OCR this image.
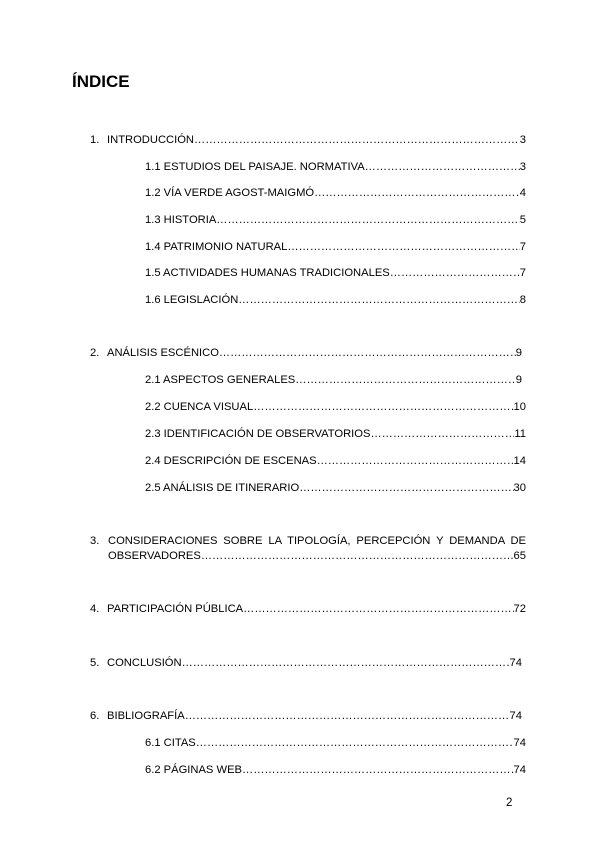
ÍNDICE
1. INTRODUCCIÓN …………………………………………………………………………………………………………………………………………………………………………………………………	3
1.1 ESTUDIOS DEL PAISAJE. NORMATIVA …………………………………………………………………………………………………………………………………………………………………………………………………	3
1.2 VÍA VERDE AGOST-MAIGMÓ …………………………………………………………………………………………………………………………………………………………………………………………………	4
1.3 HISTORIA …………………………………………………………………………………………………………………………………………………………………………………………………	5
1.4 PATRIMONIO NATURAL …………………………………………………………………………………………………………………………………………………………………………………………………	7
1.5 ACTIVIDADES HUMANAS TRADICIONALES …………………………………………………………………………………………………………………………………………………………………………………………………	7
1.6 LEGISLACIÓN …………………………………………………………………………………………………………………………………………………………………………………………………	8
2. ANÁLISIS ESCÉNICO …………………………………………………………………………………………………………………………………………………………………………………………………	9
2.1 ASPECTOS GENERALES …………………………………………………………………………………………………………………………………………………………………………………………………	9
2.2 CUENCA VISUAL …………………………………………………………………………………………………………………………………………………………………………………………………	10
2.3 IDENTIFICACIÓN DE OBSERVATORIOS …………………………………………………………………………………………………………………………………………………………………………………………………	11
2.4 DESCRIPCIÓN DE ESCENAS …………………………………………………………………………………………………………………………………………………………………………………………………	14
2.5 ANÁLISIS DE ITINERARIO …………………………………………………………………………………………………………………………………………………………………………………………………	30
3. CONSIDERACIONES SOBRE LA TIPOLOGÍA, PERCEPCIÓN Y DEMANDA DE
OBSERVADORES …………………………………………………………………………………………………………………………………………………………………………………………………	65
4. PARTICIPACIÓN PÚBLICA …………………………………………………………………………………………………………………………………………………………………………………………………	72
5. CONCLUSIÓN …………………………………………………………………………………………………………………………………………………………………………………………………	74
6. BIBLIOGRAFÍA …………………………………………………………………………………………………………………………………………………………………………………………………	74
6.1 CITAS …………………………………………………………………………………………………………………………………………………………………………………………………	74
6.2 PÁGINAS WEB …………………………………………………………………………………………………………………………………………………………………………………………………	74
2
